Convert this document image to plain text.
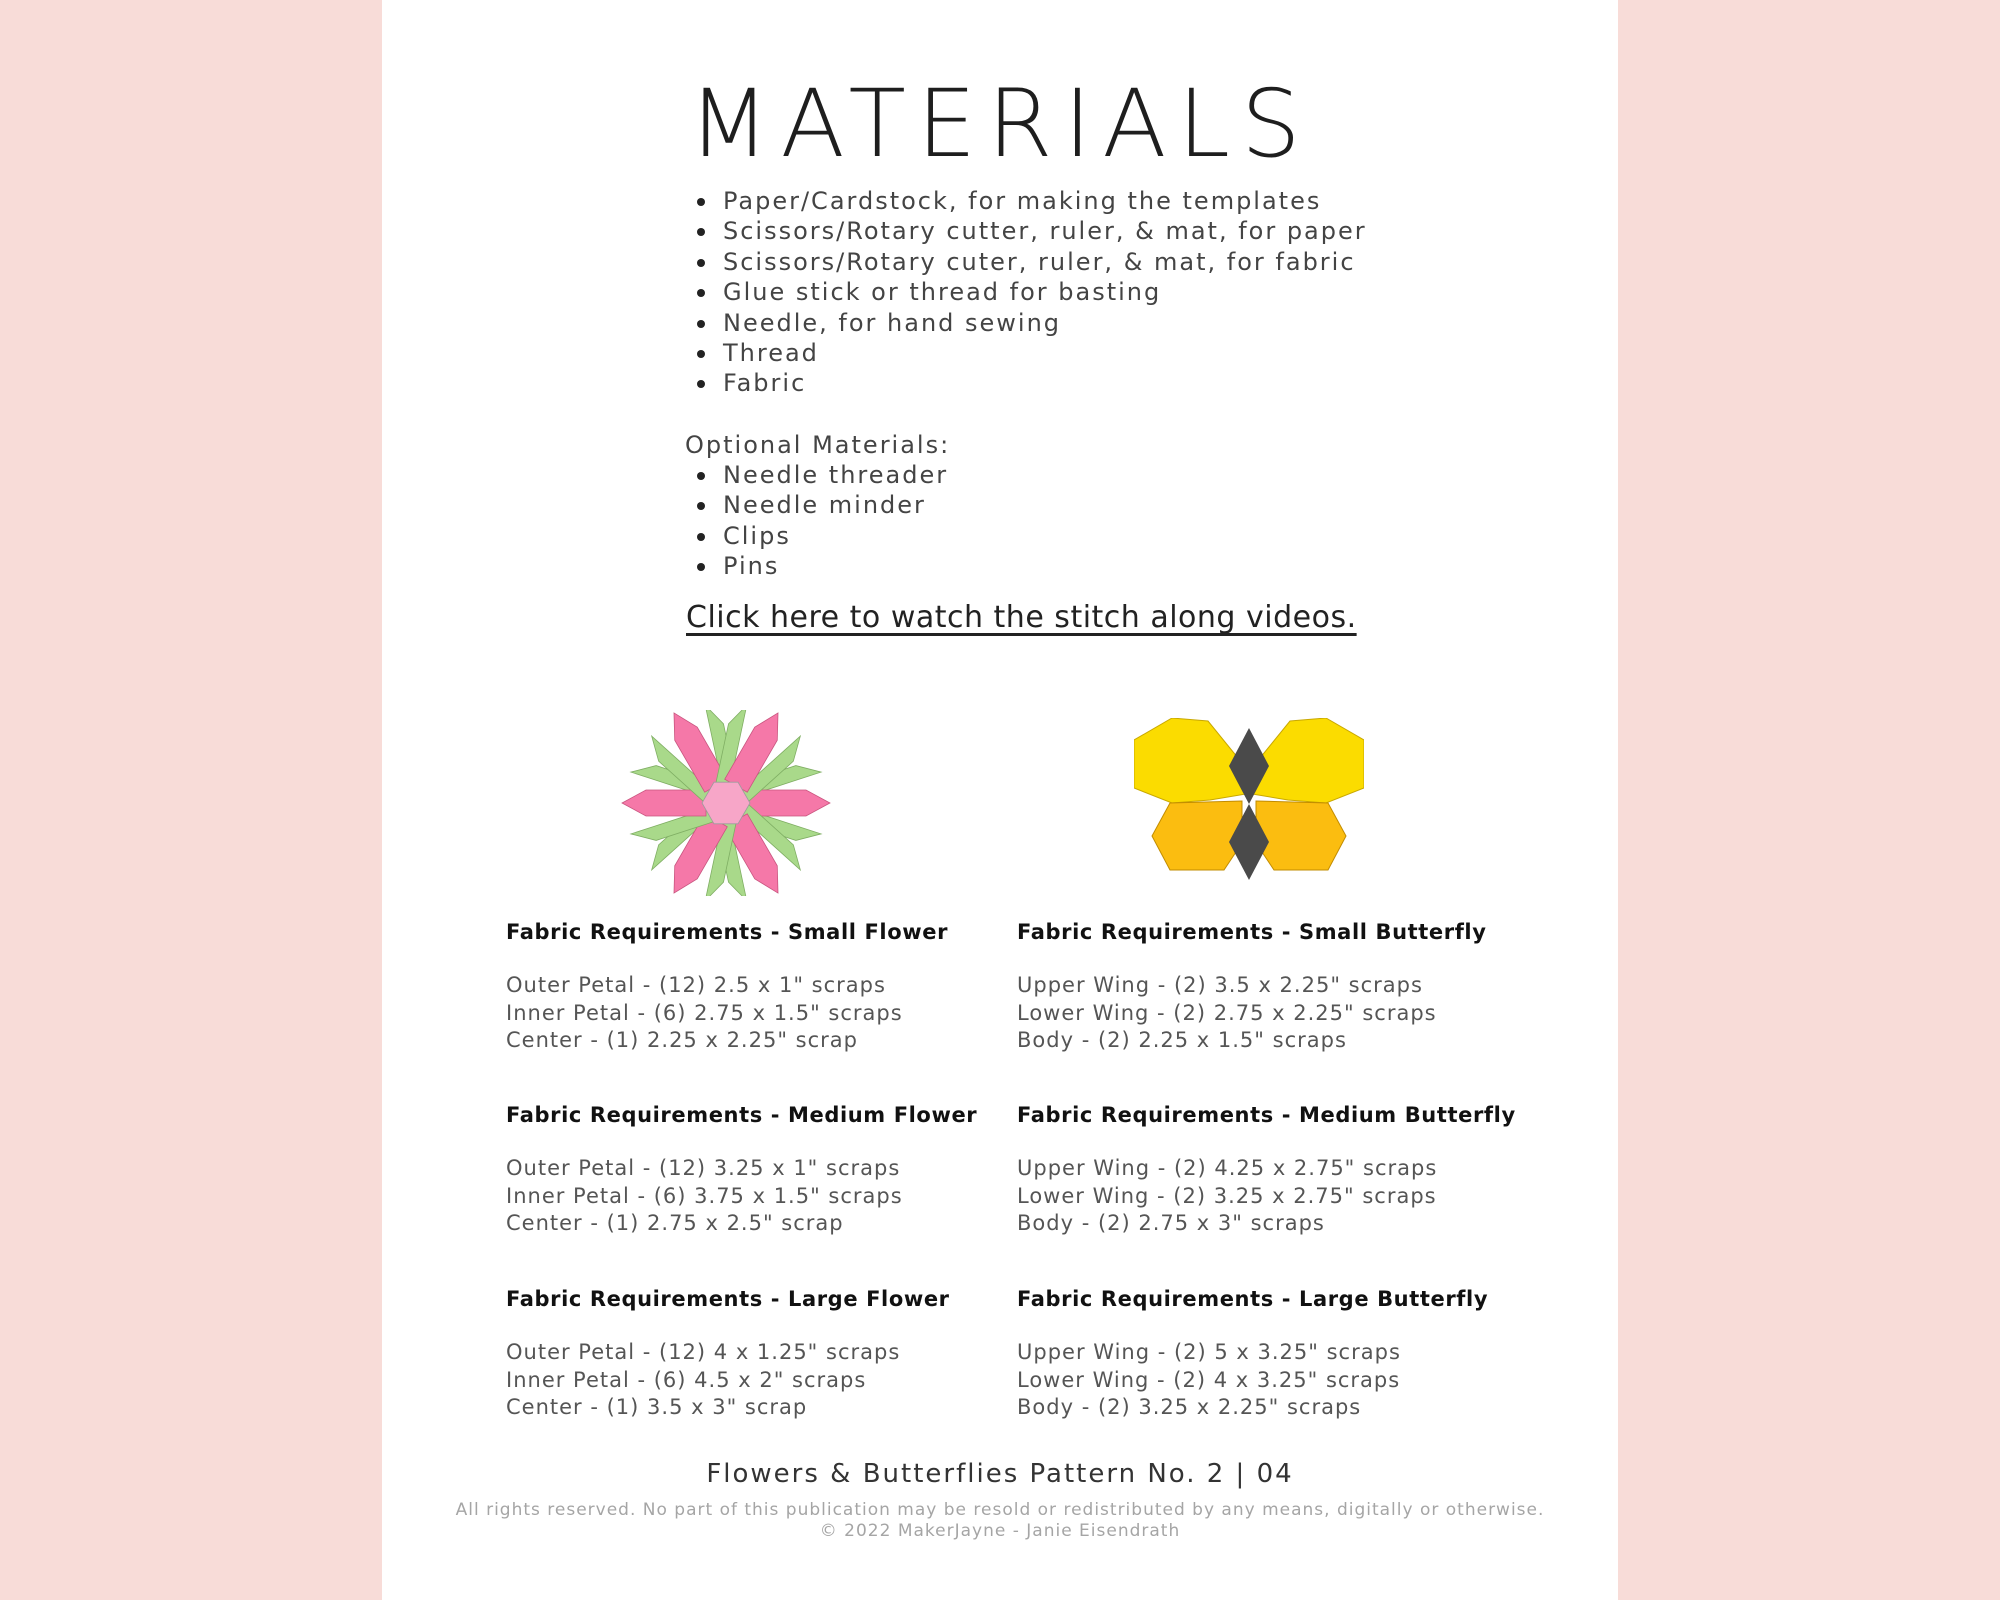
MATERIALS
Paper/Cardstock, for making the templates
Scissors/Rotary cutter, ruler, & mat, for paper
Scissors/Rotary cuter, ruler, & mat, for fabric
Glue stick or thread for basting
Needle, for hand sewing
Thread
Fabric
Optional Materials:
Needle threader
Needle minder
Clips
Pins
Click here to watch the stitch along videos.
Fabric Requirements - Small Flower
Outer Petal - (12) 2.5 x 1" scraps
Inner Petal - (6) 2.75 x 1.5" scraps
Center - (1) 2.25 x 2.25" scrap
Fabric Requirements - Small Butterfly
Upper Wing - (2) 3.5 x 2.25" scraps
Lower Wing - (2) 2.75 x 2.25" scraps
Body - (2) 2.25 x 1.5" scraps
Fabric Requirements - Medium Flower
Outer Petal - (12) 3.25 x 1" scraps
Inner Petal - (6) 3.75 x 1.5" scraps
Center - (1) 2.75 x 2.5" scrap
Fabric Requirements - Medium Butterfly
Upper Wing - (2) 4.25 x 2.75" scraps
Lower Wing - (2) 3.25 x 2.75" scraps
Body - (2) 2.75 x 3" scraps
Fabric Requirements - Large Flower
Outer Petal - (12) 4 x 1.25" scraps
Inner Petal - (6) 4.5 x 2" scraps
Center - (1) 3.5 x 3" scrap
Fabric Requirements - Large Butterfly
Upper Wing - (2) 5 x 3.25" scraps
Lower Wing - (2) 4 x 3.25" scraps
Body - (2) 3.25 x 2.25" scraps
Flowers & Butterflies Pattern No. 2 | 04
All rights reserved. No part of this publication may be resold or redistributed by any means, digitally or otherwise.
© 2022 MakerJayne - Janie Eisendrath
